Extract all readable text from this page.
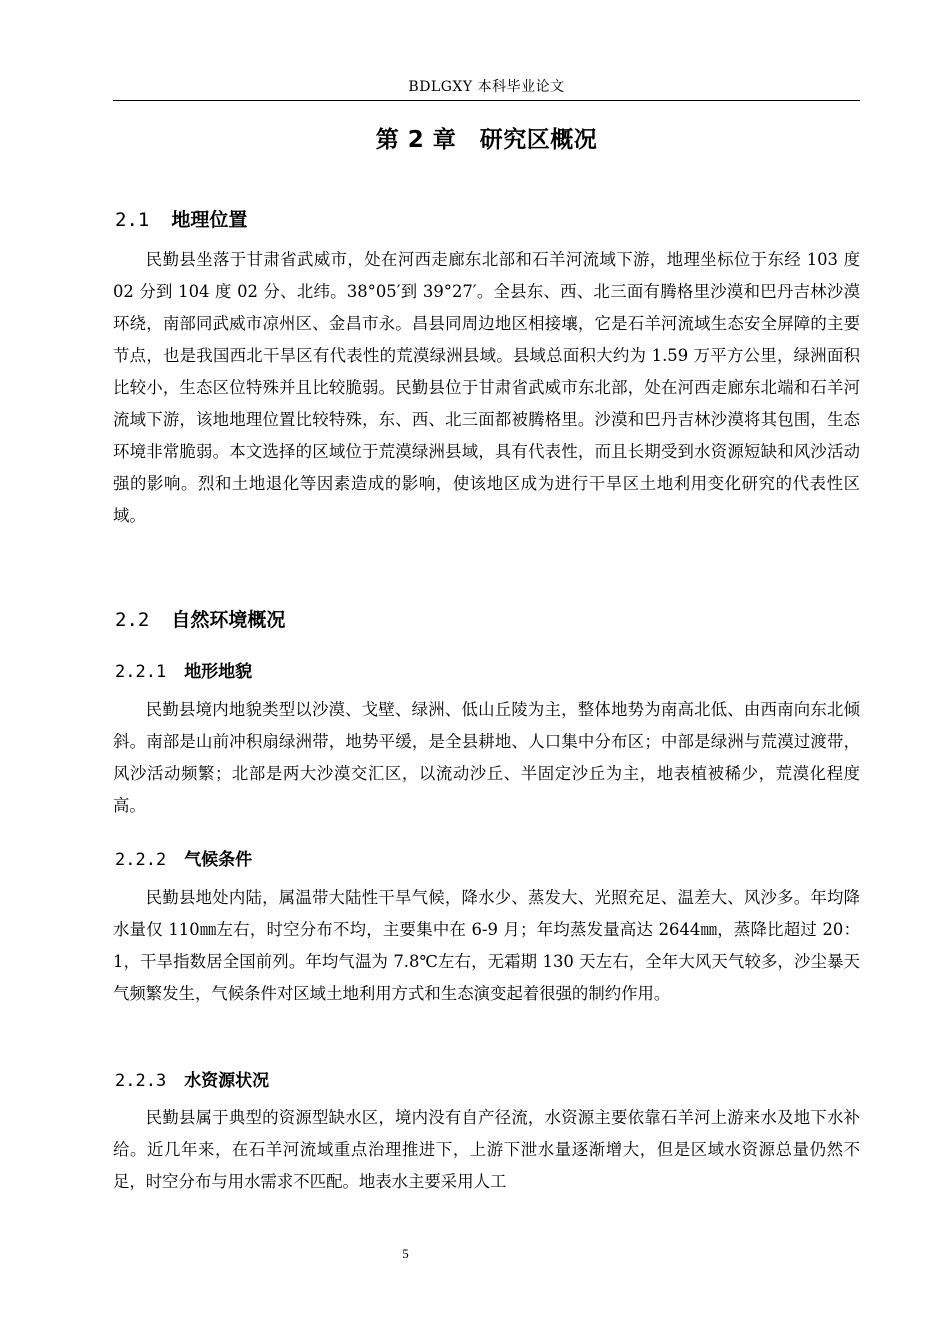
BDLGXY 本科毕业论文
第 2 章　研究区概况
2.1 地理位置

民勤县坐落于甘肃省武威市，处在河西走廊东北部和石羊河流域下游，地理坐标位于东经 103 度 02 分到 104 度 02 分、北纬。38°05′到 39°27′。全县东、西、北三面有腾格里沙漠和巴丹吉林沙漠环绕，南部同武威市凉州区、金昌市永。昌县同周边地区相接壤，它是石羊河流域生态安全屏障的主要节点，也是我国西北干旱区有代表性的荒漠绿洲县域。县域总面积大约为 1.59 万平方公里，绿洲面积比较小，生态区位特殊并且比较脆弱。民勤县位于甘肃省武威市东北部，处在河西走廊东北端和石羊河流域下游，该地地理位置比较特殊，东、西、北三面都被腾格里。沙漠和巴丹吉林沙漠将其包围，生态环境非常脆弱。本文选择的区域位于荒漠绿洲县域，具有代表性，而且长期受到水资源短缺和风沙活动强的影响。烈和土地退化等因素造成的影响，使该地区成为进行干旱区土地利用变化研究的代表性区域。

2.2 自然环境概况
2.2.1 地形地貌

民勤县境内地貌类型以沙漠、戈壁、绿洲、低山丘陵为主，整体地势为南高北低、由西南向东北倾斜。南部是山前冲积扇绿洲带，地势平缓，是全县耕地、人口集中分布区；中部是绿洲与荒漠过渡带，风沙活动频繁；北部是两大沙漠交汇区，以流动沙丘、半固定沙丘为主，地表植被稀少，荒漠化程度高。

2.2.2 气候条件

民勤县地处内陆，属温带大陆性干旱气候，降水少、蒸发大、光照充足、温差大、风沙多。年均降水量仅 110㎜左右，时空分布不均，主要集中在 6-9 月；年均蒸发量高达 2644㎜，蒸降比超过 20：1，干旱指数居全国前列。年均气温为 7.8℃左右，无霜期 130 天左右，全年大风天气较多，沙尘暴天气频繁发生，气候条件对区域土地利用方式和生态演变起着很强的制约作用。

2.2.3 水资源状况

民勤县属于典型的资源型缺水区，境内没有自产径流，水资源主要依靠石羊河上游来水及地下水补给。近几年来，在石羊河流域重点治理推进下，上游下泄水量逐渐增大，但是区域水资源总量仍然不足，时空分布与用水需求不匹配。地表水主要采用人工

5
